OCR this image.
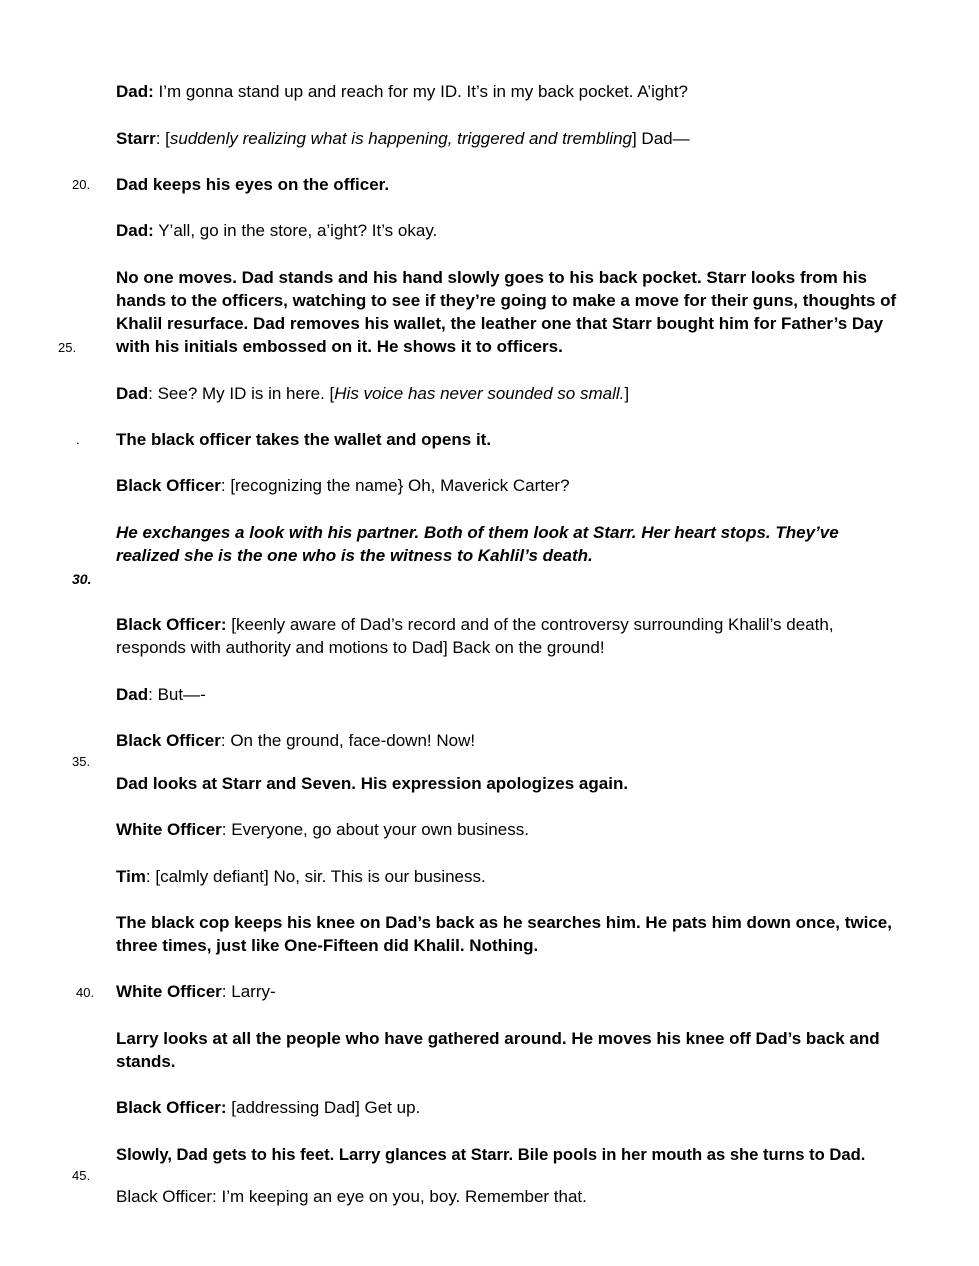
20.
25.
.
30.
35.
40.
45.

Dad: I’m gonna stand up and reach for my ID. It’s in my back pocket. A’ight?

Starr: [suddenly realizing what is happening, triggered and trembling] Dad—

Dad keeps his eyes on the officer.

Dad: Y’all, go in the store, a’ight? It’s okay.

No one moves. Dad stands and his hand slowly goes to his back pocket. Starr looks from his hands to the officers, watching to see if they’re going to make a move for their guns, thoughts of Khalil resurface. Dad removes his wallet, the leather one that Starr bought him for Father’s Day with his initials embossed on it. He shows it to officers.

Dad: See? My ID is in here. [His voice has never sounded so small.]

The black officer takes the wallet and opens it.

Black Officer: [recognizing the name} Oh, Maverick Carter?

He exchanges a look with his partner. Both of them look at Starr. Her heart stops. They’ve realized she is the one who is the witness to Kahlil’s death.

Black Officer: [keenly aware of Dad’s record and of the controversy surrounding Khalil’s death, responds with authority and motions to Dad] Back on the ground!

Dad: But—-

Black Officer: On the ground, face-down! Now!

Dad looks at Starr and Seven. His expression apologizes again.

White Officer: Everyone, go about your own business.

Tim: [calmly defiant] No, sir. This is our business.

The black cop keeps his knee on Dad’s back as he searches him. He pats him down once, twice, three times, just like One-Fifteen did Khalil. Nothing.

White Officer: Larry-

Larry looks at all the people who have gathered around. He moves his knee off Dad’s back and stands.

Black Officer: [addressing Dad] Get up.

Slowly, Dad gets to his feet. Larry glances at Starr. Bile pools in her mouth as she turns to Dad.

Black Officer: I’m keeping an eye on you, boy. Remember that.
